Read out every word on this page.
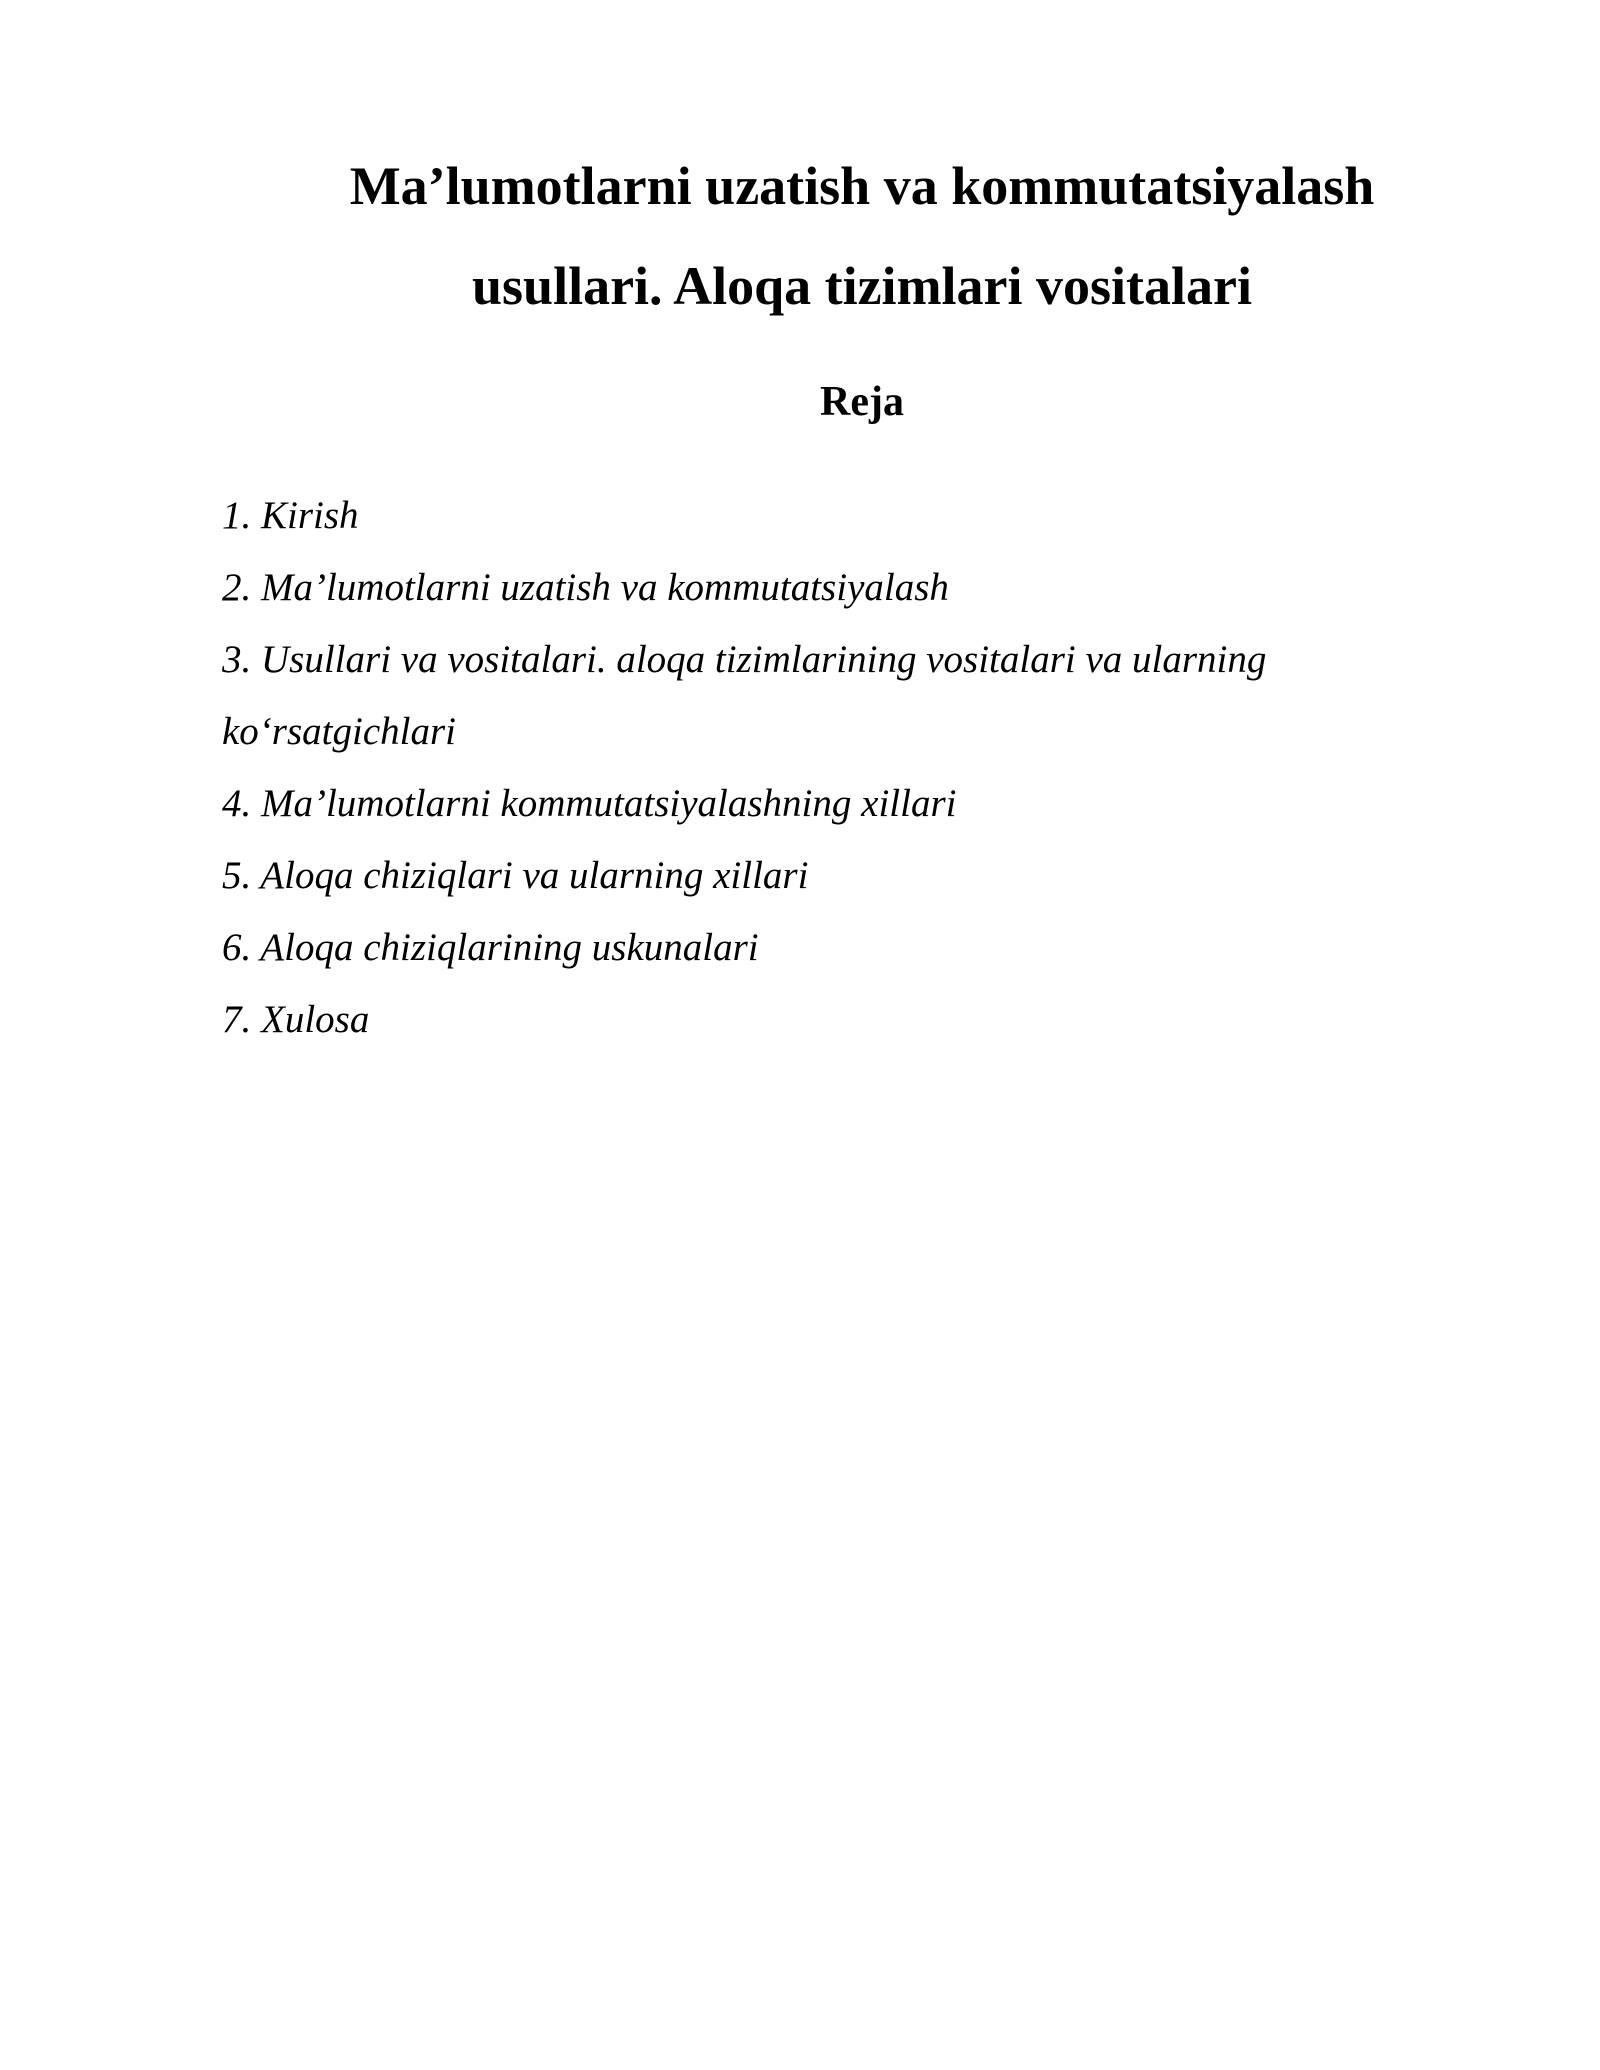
Ma’lumotlarni uzatish va kommutatsiyalash
usullari. Aloqa tizimlari vositalari
Reja
1. Kirish
2. Ma’lumotlarni uzatish va kommutatsiyalash
3. Usullari va vositalari. aloqa tizimlarining vositalari va ularning ko‘rsatgichlari
4. Ma’lumotlarni kommutatsiyalashning xillari
5. Aloqa chiziqlari va ularning xillari
6. Aloqa chiziqlarining uskunalari
7. Xulosa
